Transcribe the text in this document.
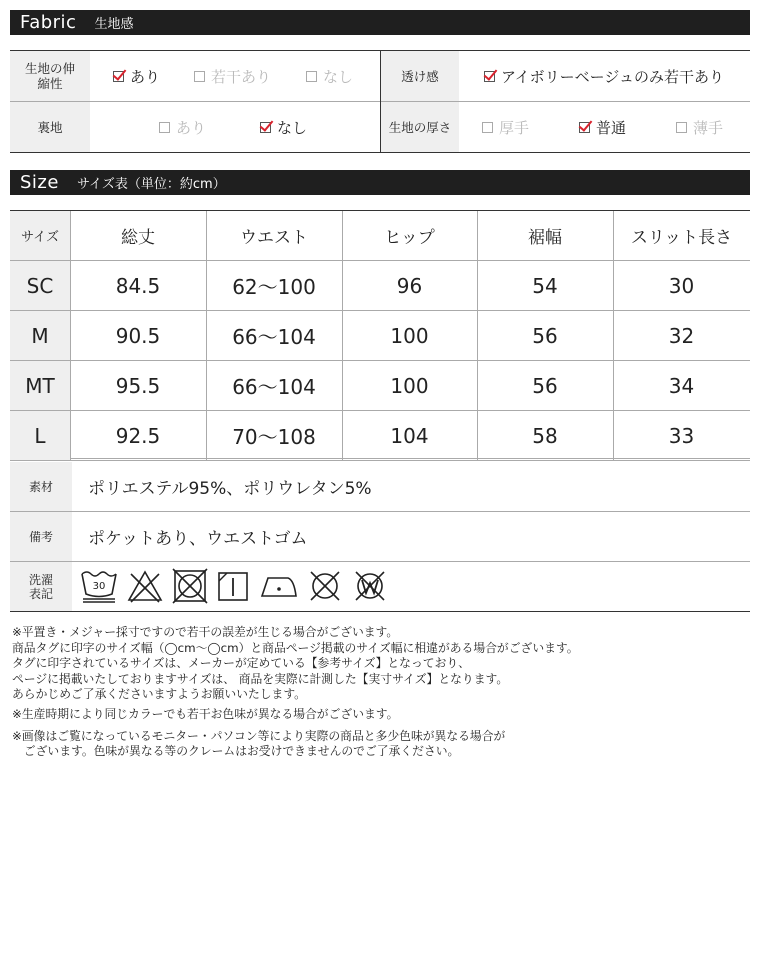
Fabric 生地感
生地の伸縮性	あり	若干あり	なし	透け感	アイボリーベージュのみ若干あり
裏地	あり	なし	生地の厚さ	厚手	普通	薄手
Size サイズ表（単位：約cm）
サイズ	総丈	ウエスト	ヒップ	裾幅	スリット長さ
SC	84.5	62〜100	96	54	30
M	90.5	66〜104	100	56	32
MT	95.5	66〜104	100	56	34
L	92.5	70〜108	104	58	33
素材	ポリエステル95%、ポリウレタン5%
備考	ポケットあり、ウエストゴム
洗濯表記	30

※平置き・メジャー採寸ですので若干の誤差が生じる場合がございます。

商品タグに印字のサイズ幅（◯cm〜◯cm）と商品ページ掲載のサイズ幅に相違がある場合がございます。

タグに印字されているサイズは、メーカーが定めている【参考サイズ】となっており、

ページに掲載いたしておりますサイズは、 商品を実際に計測した【実寸サイズ】となります。

あらかじめご了承くださいますようお願いいたします。

※生産時期により同じカラーでも若干お色味が異なる場合がございます。

※画像はご覧になっているモニター・パソコン等により実際の商品と多少色味が異なる場合が

　ございます。色味が異なる等のクレームはお受けできませんのでご了承ください。
